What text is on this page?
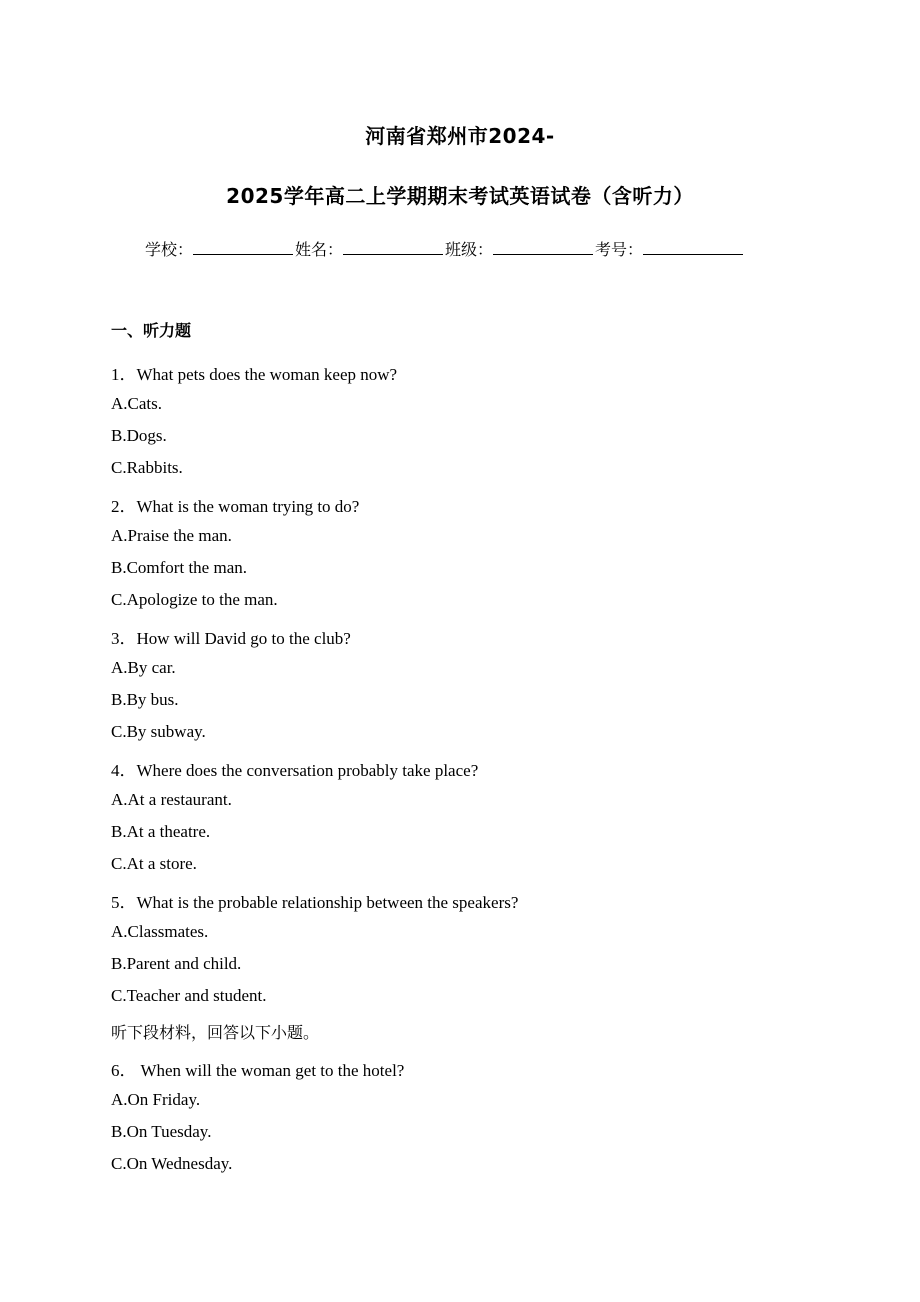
河南省郑州市2024-
2025学年高二上学期期末考试英语试卷（含听力）
学校：	姓名：	班级：	考号：
一、听力题
1．What pets does the woman keep now?
A.Cats.
B.Dogs.
C.Rabbits.
2．What is the woman trying to do?
A.Praise the man.
B.Comfort the man.
C.Apologize to the man.
3．How will David go to the club?
A.By car.
B.By bus.
C.By subway.
4．Where does the conversation probably take place?
A.At a restaurant.
B.At a theatre.
C.At a store.
5．What is the probable relationship between the speakers?
A.Classmates.
B.Parent and child.
C.Teacher and student.
听下段材料，回答以下小题。
6． When will the woman get to the hotel?
A.On Friday.
B.On Tuesday.
C.On Wednesday.
